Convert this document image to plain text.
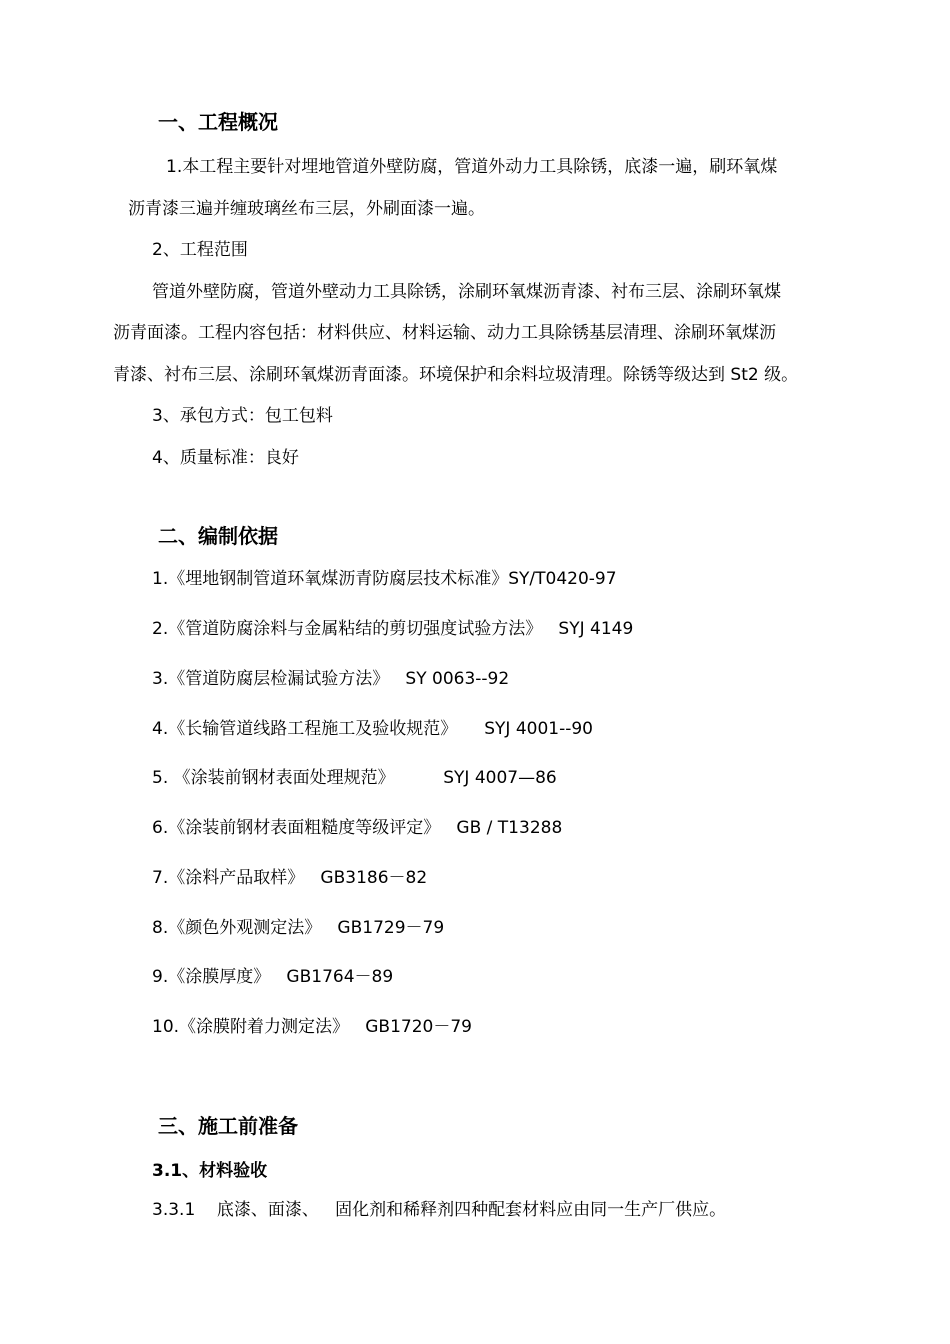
一、工程概况
1.本工程主要针对埋地管道外壁防腐，管道外动力工具除锈，底漆一遍，刷环氧煤
沥青漆三遍并缠玻璃丝布三层，外刷面漆一遍。
2、工程范围
管道外壁防腐，管道外壁动力工具除锈，涂刷环氧煤沥青漆、衬布三层、涂刷环氧煤
沥青面漆。工程内容包括：材料供应、材料运输、动力工具除锈基层清理、涂刷环氧煤沥
青漆、衬布三层、涂刷环氧煤沥青面漆。环境保护和余料垃圾清理。除锈等级达到 St2 级。
3、承包方式：包工包料
4、质量标准：良好
二、编制依据
1.《埋地钢制管道环氧煤沥青防腐层技术标准》SY/T0420-97
2.《管道防腐涂料与金属粘结的剪切强度试验方法》   SYJ 4149
3.《管道防腐层检漏试验方法》   SY 0063--92
4.《长输管道线路工程施工及验收规范》     SYJ 4001--90
5. 《涂装前钢材表面处理规范》         SYJ 4007—86
6.《涂装前钢材表面粗糙度等级评定》   GB / T13288
7.《涂料产品取样》   GB3186－82
8.《颜色外观测定法》   GB1729－79
9.《涂膜厚度》   GB1764－89
10.《涂膜附着力测定法》   GB1720－79
三、施工前准备
3.1、材料验收
3.3.1    底漆、面漆、   固化剂和稀释剂四种配套材料应由同一生产厂供应。
